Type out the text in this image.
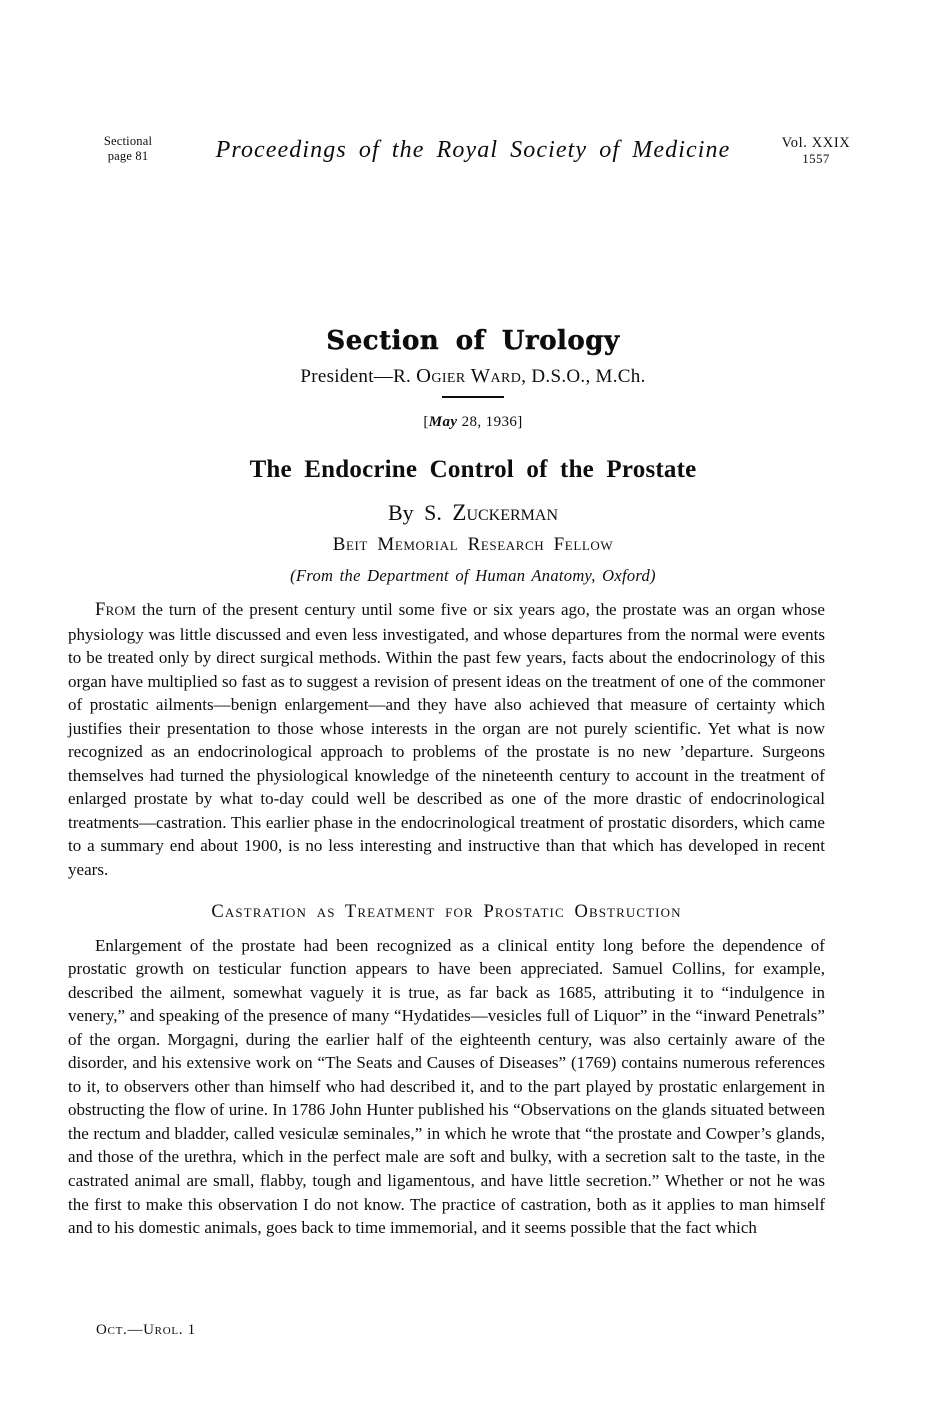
Sectional
page 81	Proceedings of the Royal Society of Medicine	Vol. XXIX
1557
Section of Urology
President—R. Ogier Ward, D.S.O., M.Ch.
[May 28, 1936]
The Endocrine Control of the Prostate
By S. Zuckerman
Beit Memorial Research Fellow
(From the Department of Human Anatomy, Oxford)

From the turn of the present century until some five or six years ago, the prostate was an organ whose physiology was little discussed and even less investigated, and whose departures from the normal were events to be treated only by direct surgical methods. Within the past few years, facts about the endocrinology of this organ have multiplied so fast as to suggest a revision of present ideas on the treatment of one of the commoner of prostatic ailments—benign enlargement—and they have also achieved that measure of certainty which justifies their presentation to those whose interests in the organ are not purely scientific. Yet what is now recognized as an endocrinological approach to problems of the prostate is no new ’departure. Surgeons themselves had turned the physiological knowledge of the nineteenth century to account in the treatment of enlarged prostate by what to-day could well be described as one of the more drastic of endocrinological treatments—castration. This earlier phase in the endocrinological treatment of prostatic disorders, which came to a summary end about 1900, is no less interesting and instructive than that which has developed in recent years.

Castration as Treatment for Prostatic Obstruction

Enlargement of the prostate had been recognized as a clinical entity long before the dependence of prostatic growth on testicular function appears to have been appreciated. Samuel Collins, for example, described the ailment, somewhat vaguely it is true, as far back as 1685, attributing it to “indulgence in venery,” and speaking of the presence of many “Hydatides—vesicles full of Liquor” in the “inward Penetrals” of the organ. Morgagni, during the earlier half of the eighteenth century, was also certainly aware of the disorder, and his extensive work on “The Seats and Causes of Diseases” (1769) contains numerous references to it, to observers other than himself who had described it, and to the part played by prostatic enlargement in obstructing the flow of urine. In 1786 John Hunter published his “Observations on the glands situated between the rectum and bladder, called vesiculæ seminales,” in which he wrote that “the prostate and Cowper’s glands, and those of the urethra, which in the perfect male are soft and bulky, with a secretion salt to the taste, in the castrated animal are small, flabby, tough and ligamentous, and have little secretion.” Whether or not he was the first to make this observation I do not know. The practice of castration, both as it applies to man himself and to his domestic animals, goes back to time immemorial, and it seems possible that the fact which

Oct.—Urol. 1
